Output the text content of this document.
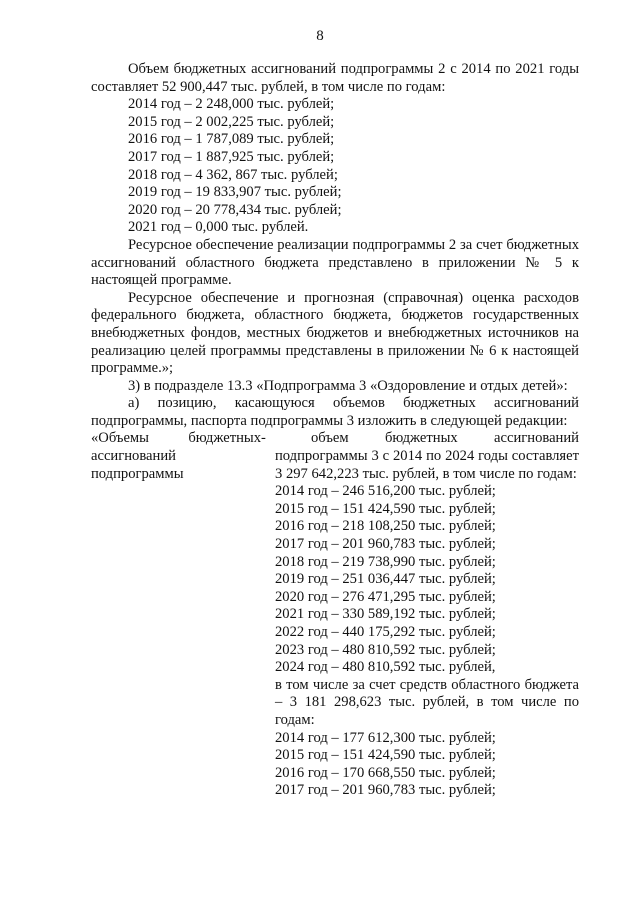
8

Объем бюджетных ассигнований подпрограммы 2 с 2014 по 2021 годы составляет 52 900,447 тыс. рублей, в том числе по годам:

2014 год – 2 248,000 тыс. рублей;

2015 год – 2 002,225 тыс. рублей;

2016 год – 1 787,089 тыс. рублей;

2017 год – 1 887,925 тыс. рублей;

2018 год – 4 362, 867 тыс. рублей;

2019 год – 19 833,907 тыс. рублей;

2020 год – 20 778,434 тыс. рублей;

2021 год – 0,000 тыс. рублей.

Ресурсное обеспечение реализации подпрограммы 2 за счет бюджетных ассигнований областного бюджета представлено в приложении № 5 к настоящей программе.

Ресурсное обеспечение и прогнозная (справочная) оценка расходов федерального бюджета, областного бюджета, бюджетов государственных внебюджетных фондов, местных бюджетов и внебюджетных источников на реализацию целей программы представлены в приложении № 6 к настоящей программе.»;

3) в подразделе 13.3 «Подпрограмма 3 «Оздоровление и отдых детей»:

а) позицию, касающуюся объемов бюджетных ассигнований подпрограммы, паспорта подпрограммы 3 изложить в следующей редакции:

«Объемы бюджетных ассигнований подпрограммы

-	объем бюджетных ассигнований подпрограммы 3 с 2014 по 2024 годы составляет 3 297 642,223 тыс. рублей, в том числе по годам:

2014 год – 246 516,200 тыс. рублей;

2015 год – 151 424,590 тыс. рублей;

2016 год – 218 108,250 тыс. рублей;

2017 год – 201 960,783 тыс. рублей;

2018 год – 219 738,990 тыс. рублей;

2019 год – 251 036,447 тыс. рублей;

2020 год – 276 471,295 тыс. рублей;

2021 год – 330 589,192 тыс. рублей;

2022 год – 440 175,292 тыс. рублей;

2023 год – 480 810,592 тыс. рублей;

2024 год – 480 810,592 тыс. рублей,

в том числе за счет средств областного бюджета – 3 181 298,623 тыс. рублей, в том числе по годам:

2014 год – 177 612,300 тыс. рублей;

2015 год – 151 424,590 тыс. рублей;

2016 год – 170 668,550 тыс. рублей;

2017 год – 201 960,783 тыс. рублей;
